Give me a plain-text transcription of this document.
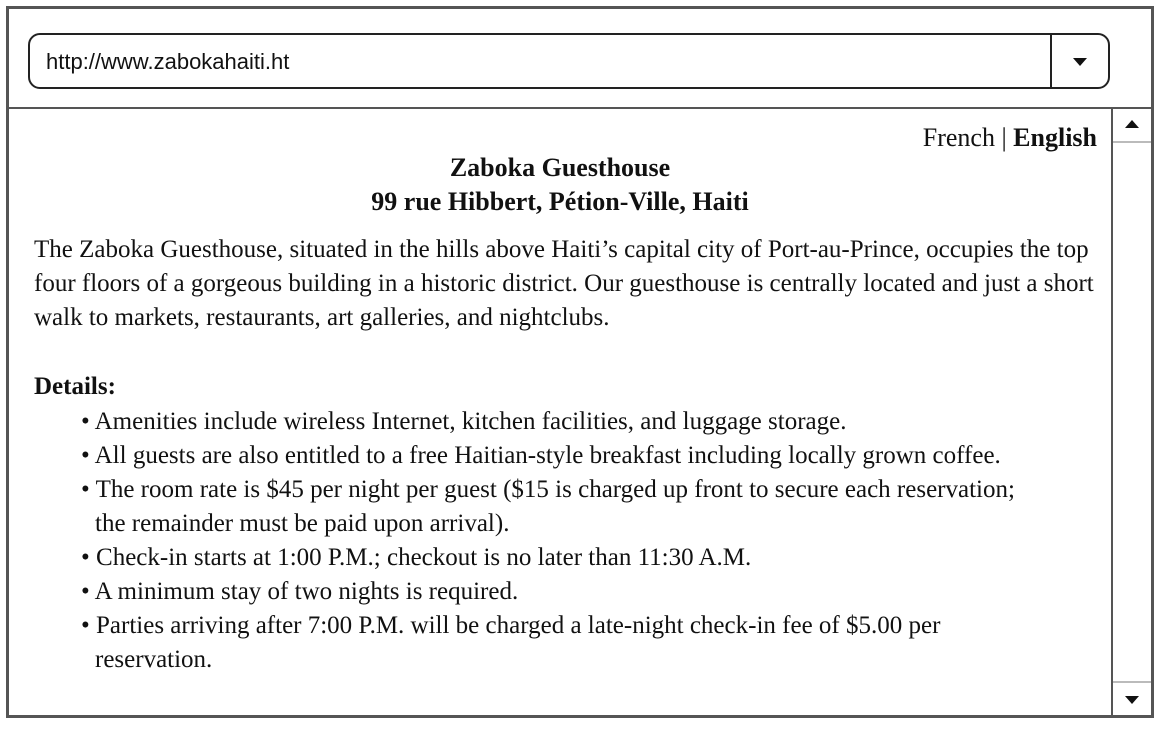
http://www.zabokahaiti.ht
French | English
Zaboka Guesthouse
99 rue Hibbert, Pétion-Ville, Haiti

The Zaboka Guesthouse, situated in the hills above Haiti’s capital city of Port-au-Prince, occupies the top four floors of a gorgeous building in a historic district. Our guesthouse is centrally located and just a short walk to markets, restaurants, art galleries, and nightclubs.

Details:
• Amenities include wireless Internet, kitchen facilities, and luggage storage.
• All guests are also entitled to a free Haitian-style breakfast including locally grown coffee.
• The room rate is $45 per night per guest ($15 is charged up front to secure each reservation; the remainder must be paid upon arrival).
• Check-in starts at 1:00 P.M.; checkout is no later than 11:30 A.M.
• A minimum stay of two nights is required.
• Parties arriving after 7:00 P.M. will be charged a late-night check-in fee of $5.00 per reservation.
